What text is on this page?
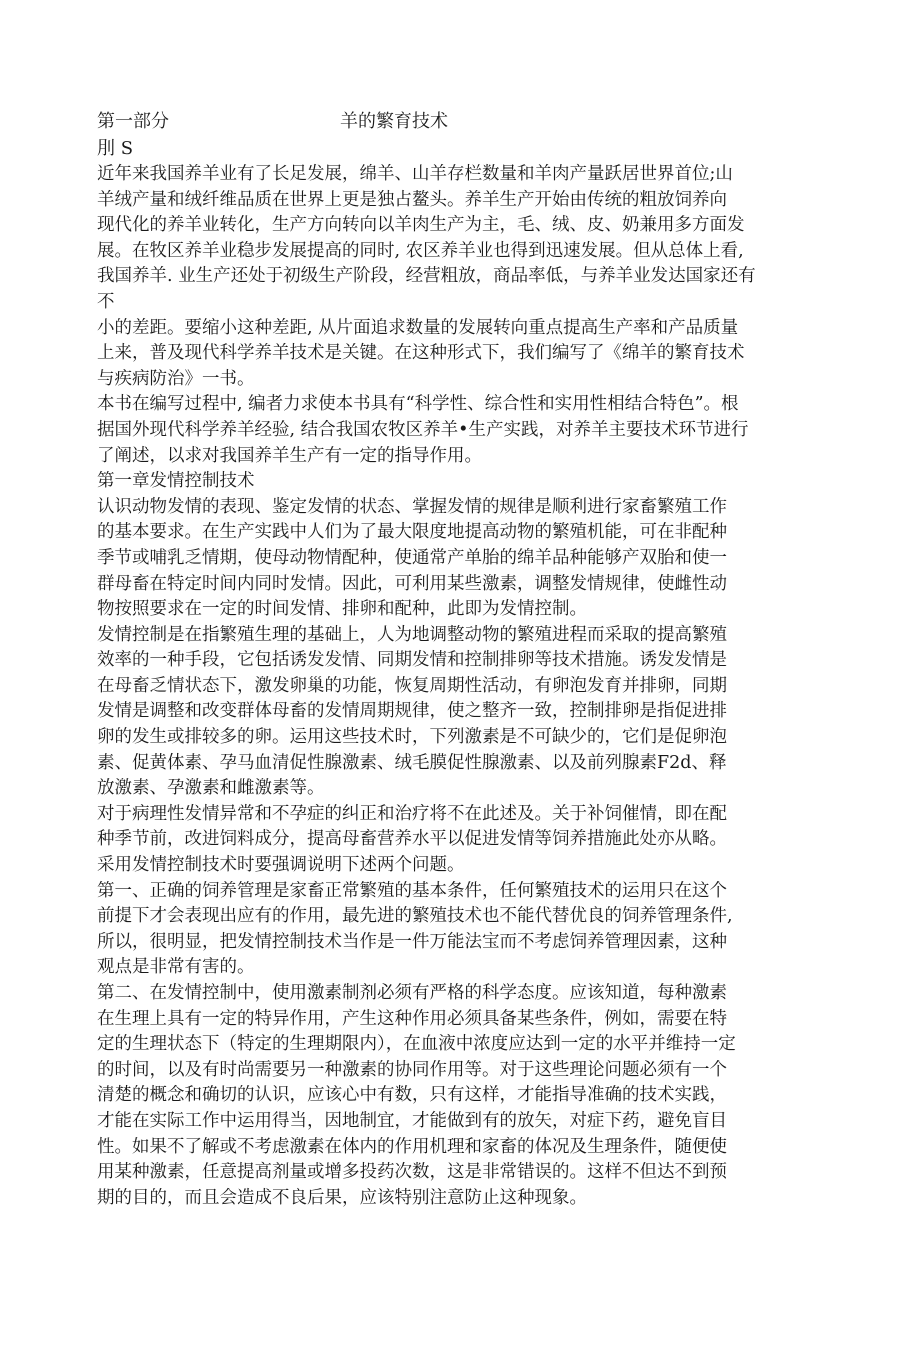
第一部分	羊的繁育技术
刖 S

近年来我国养羊业有了长足发展，绵羊、山羊存栏数量和羊肉产量跃居世界首位;山
羊绒产量和绒纤维品质在世界上更是独占鳌头。养羊生产开始由传统的粗放饲养向
现代化的养羊业转化，生产方向转向以羊肉生产为主，毛、绒、皮、奶兼用多方面发
展。在牧区养羊业稳步发展提高的同时, 农区养羊业也得到迅速发展。但从总体上看,
我国养羊. 业生产还处于初级生产阶段，经营粗放，商品率低，与养羊业发达国家还有
不
小的差距。要缩小这种差距, 从片面追求数量的发展转向重点提高生产率和产品质量
上来，普及现代科学养羊技术是关键。在这种形式下，我们编写了《绵羊的繁育技术
与疾病防治》一书。

本书在编写过程中, 编者力求使本书具有“科学性、综合性和实用性相结合特色”。根
据国外现代科学养羊经验, 结合我国农牧区养羊•生产实践，对养羊主要技术环节进行
了阐述，以求对我国养羊生产有一定的指导作用。

第一章发情控制技术

认识动物发情的表现、鉴定发情的状态、掌握发情的规律是顺利进行家畜繁殖工作
的基本要求。在生产实践中人们为了最大限度地提高动物的繁殖机能，可在非配种
季节或哺乳乏情期，使母动物情配种，使通常产单胎的绵羊品种能够产双胎和使一
群母畜在特定时间内同时发情。因此，可利用某些激素，调整发情规律，使雌性动
物按照要求在一定的时间发情、排卵和配种，此即为发情控制。

发情控制是在指繁殖生理的基础上，人为地调整动物的繁殖进程而采取的提高繁殖
效率的一种手段，它包括诱发发情、同期发情和控制排卵等技术措施。诱发发情是
在母畜乏情状态下，激发卵巢的功能，恢复周期性活动，有卵泡发育并排卵，同期
发情是调整和改变群体母畜的发情周期规律，使之整齐一致，控制排卵是指促进排
卵的发生或排较多的卵。运用这些技术时，下列激素是不可缺少的，它们是促卵泡
素、促黄体素、孕马血清促性腺激素、绒毛膜促性腺激素、以及前列腺素F2d、释
放激素、孕激素和雌激素等。

对于病理性发情异常和不孕症的纠正和治疗将不在此述及。关于补饲催情，即在配
种季节前，改进饲料成分，提高母畜营养水平以促进发情等饲养措施此处亦从略。

采用发情控制技术时要强调说明下述两个问题。

第一、正确的饲养管理是家畜正常繁殖的基本条件，任何繁殖技术的运用只在这个
前提下才会表现出应有的作用，最先进的繁殖技术也不能代替优良的饲养管理条件,
所以，很明显，把发情控制技术当作是一件万能法宝而不考虑饲养管理因素，这种
观点是非常有害的。

第二、在发情控制中，使用激素制剂必须有严格的科学态度。应该知道，每种激素
在生理上具有一定的特异作用，产生这种作用必须具备某些条件，例如，需要在特
定的生理状态下（特定的生理期限内），在血液中浓度应达到一定的水平并维持一定
的时间，以及有时尚需要另一种激素的协同作用等。对于这些理论问题必须有一个
清楚的概念和确切的认识，应该心中有数，只有这样，才能指导准确的技术实践，
才能在实际工作中运用得当，因地制宜，才能做到有的放矢，对症下药，避免盲目
性。如果不了解或不考虑激素在体内的作用机理和家畜的体况及生理条件，随便使
用某种激素，任意提高剂量或增多投药次数，这是非常错误的。这样不但达不到预
期的目的，而且会造成不良后果，应该特别注意防止这种现象。
